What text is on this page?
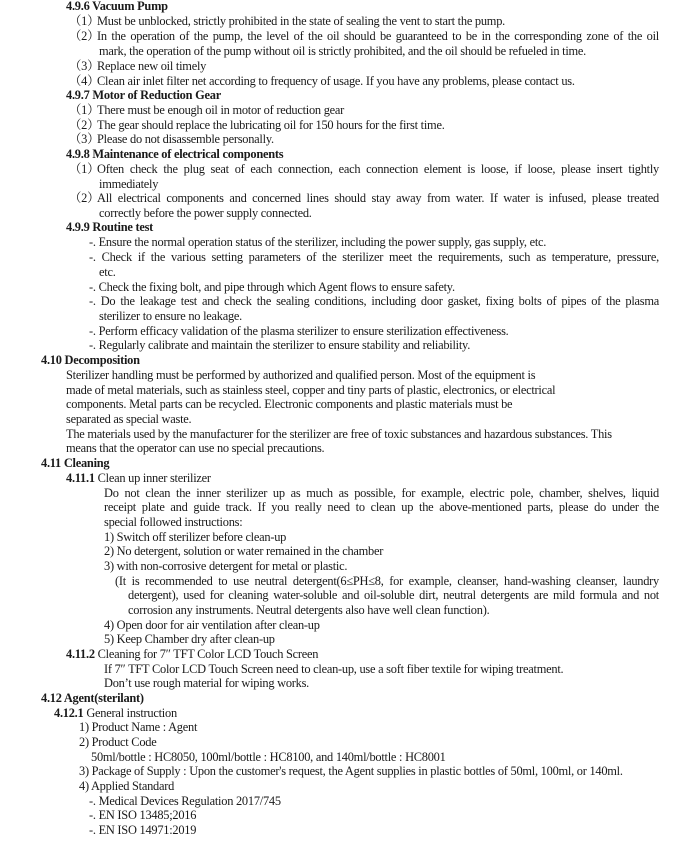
4.9.6 Vacuum Pump
（1）Must be unblocked, strictly prohibited in the state of sealing the vent to start the pump.
（2）In the operation of the pump, the level of the oil should be guaranteed to be in the corresponding zone of the oil
mark, the operation of the pump without oil is strictly prohibited, and the oil should be refueled in time.
（3）Replace new oil timely
（4）Clean air inlet filter net according to frequency of usage. If you have any problems, please contact us.
4.9.7 Motor of Reduction Gear
（1）There must be enough oil in motor of reduction gear
（2）The gear should replace the lubricating oil for 150 hours for the first time.
（3）Please do not disassemble personally.
4.9.8 Maintenance of electrical components
（1）Often check the plug seat of each connection, each connection element is loose, if loose, please insert tightly
immediately
（2）All electrical components and concerned lines should stay away from water. If water is infused, please treated
correctly before the power supply connected.
4.9.9 Routine test
-. Ensure the normal operation status of the sterilizer, including the power supply, gas supply, etc.
-. Check if the various setting parameters of the sterilizer meet the requirements, such as temperature, pressure,
etc.
-. Check the fixing bolt, and pipe through which Agent flows to ensure safety.
-. Do the leakage test and check the sealing conditions, including door gasket, fixing bolts of pipes of the plasma
sterilizer to ensure no leakage.
-. Perform efficacy validation of the plasma sterilizer to ensure sterilization effectiveness.
-. Regularly calibrate and maintain the sterilizer to ensure stability and reliability.
4.10 Decomposition
Sterilizer handling must be performed by authorized and qualified person. Most of the equipment is
made of metal materials, such as stainless steel, copper and tiny parts of plastic, electronics, or electrical
components. Metal parts can be recycled. Electronic components and plastic materials must be
separated as special waste.
The materials used by the manufacturer for the sterilizer are free of toxic substances and hazardous substances. This
means that the operator can use no special precautions.
4.11 Cleaning
4.11.1 Clean up inner sterilizer
Do not clean the inner sterilizer up as much as possible, for example, electric pole, chamber, shelves, liquid
receipt plate and guide track. If you really need to clean up the above-mentioned parts, please do under the
special followed instructions:
1) Switch off sterilizer before clean-up
2) No detergent, solution or water remained in the chamber
3) with non-corrosive detergent for metal or plastic.
(It is recommended to use neutral detergent(6≤PH≤8, for example, cleanser, hand-washing cleanser, laundry
detergent), used for cleaning water-soluble and oil-soluble dirt, neutral detergents are mild formula and not
corrosion any instruments. Neutral detergents also have well clean function).
4) Open door for air ventilation after clean-up
5) Keep Chamber dry after clean-up
4.11.2 Cleaning for 7″ TFT Color LCD Touch Screen
If 7″ TFT Color LCD Touch Screen need to clean-up, use a soft fiber textile for wiping treatment.
Don’t use rough material for wiping works.
4.12 Agent(sterilant)
4.12.1 General instruction
1) Product Name : Agent
2) Product Code
50ml/bottle : HC8050, 100ml/bottle : HC8100, and 140ml/bottle : HC8001
3) Package of Supply : Upon the customer's request, the Agent supplies in plastic bottles of 50ml, 100ml, or 140ml.
4) Applied Standard
-. Medical Devices Regulation 2017/745
-. EN ISO 13485;2016
-. EN ISO 14971:2019
